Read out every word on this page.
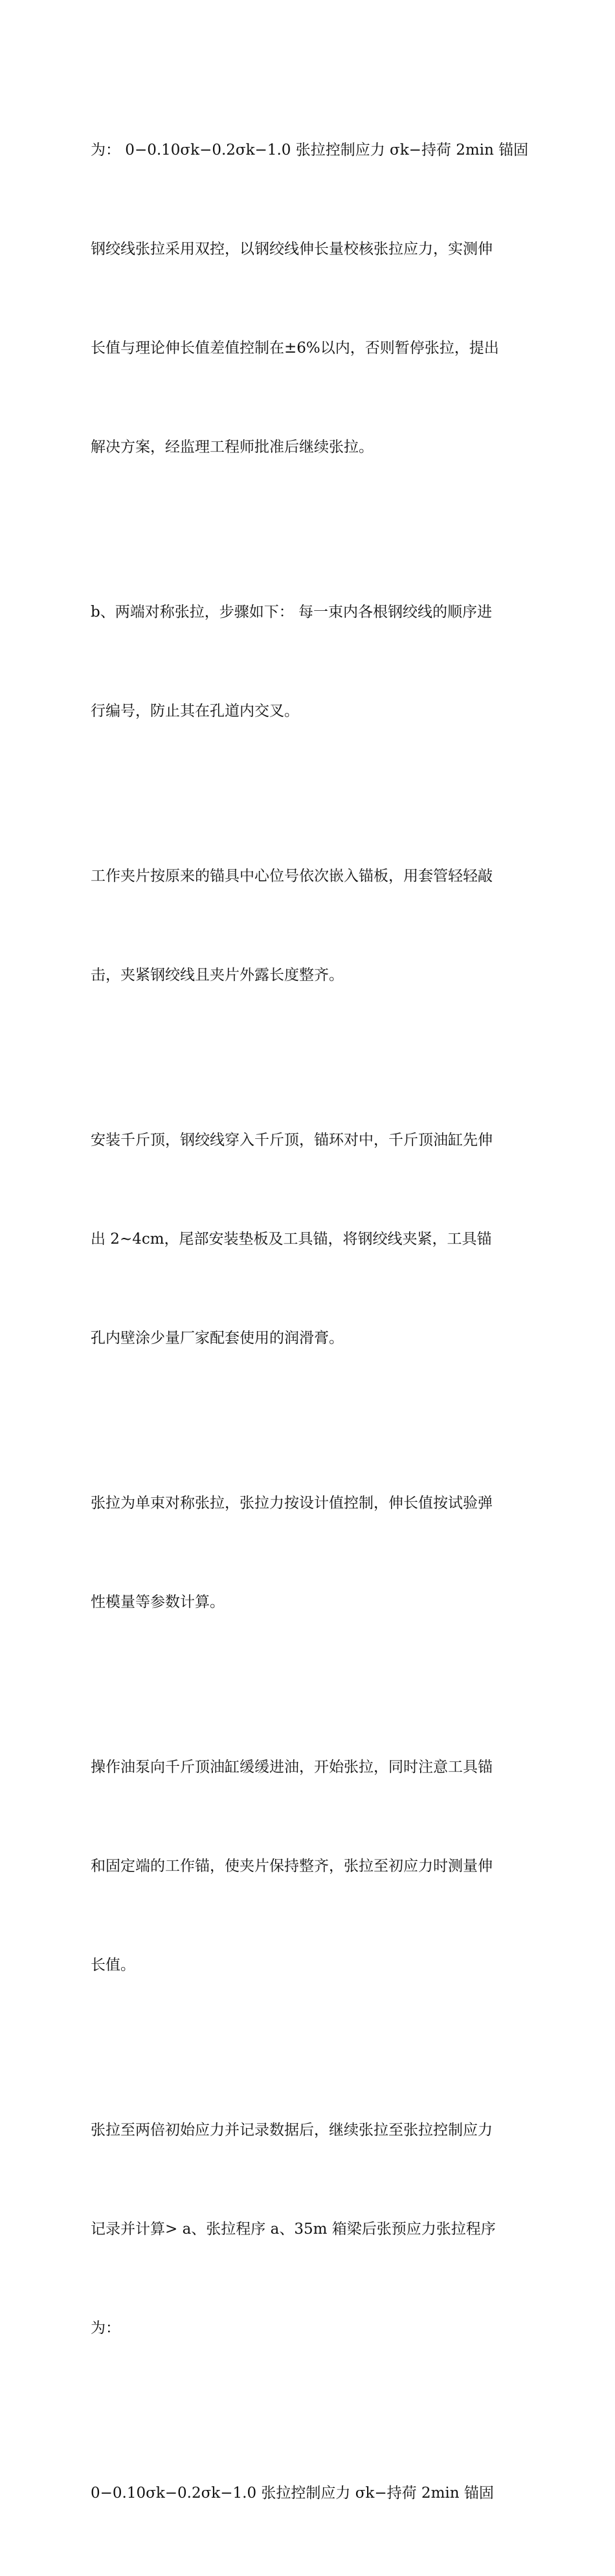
为： 0−0.10σk−0.2σk−1.0 张拉控制应力 σk−持荷 2min 锚固

钢绞线张拉采用双控，以钢绞线伸长量校核张拉应力，实测伸

长值与理论伸长值差值控制在±6%以内，否则暂停张拉，提出

解决方案，经监理工程师批准后继续张拉。

b、两端对称张拉，步骤如下： 每一束内各根钢绞线的顺序进

行编号，防止其在孔道内交叉。

工作夹片按原来的锚具中心位号依次嵌入锚板，用套管轻轻敲

击，夹紧钢绞线且夹片外露长度整齐。

安装千斤顶，钢绞线穿入千斤顶，锚环对中，千斤顶油缸先伸

出 2~4cm，尾部安装垫板及工具锚，将钢绞线夹紧，工具锚

孔内壁涂少量厂家配套使用的润滑膏。

张拉为单束对称张拉，张拉力按设计值控制，伸长值按试验弹

性模量等参数计算。

操作油泵向千斤顶油缸缓缓进油，开始张拉，同时注意工具锚

和固定端的工作锚，使夹片保持整齐，张拉至初应力时测量伸

长值。

张拉至两倍初始应力并记录数据后，继续张拉至张拉控制应力

记录并计算> a、张拉程序 a、35m 箱梁后张预应力张拉程序

为：

0−0.10σk−0.2σk−1.0 张拉控制应力 σk−持荷 2min 锚固
